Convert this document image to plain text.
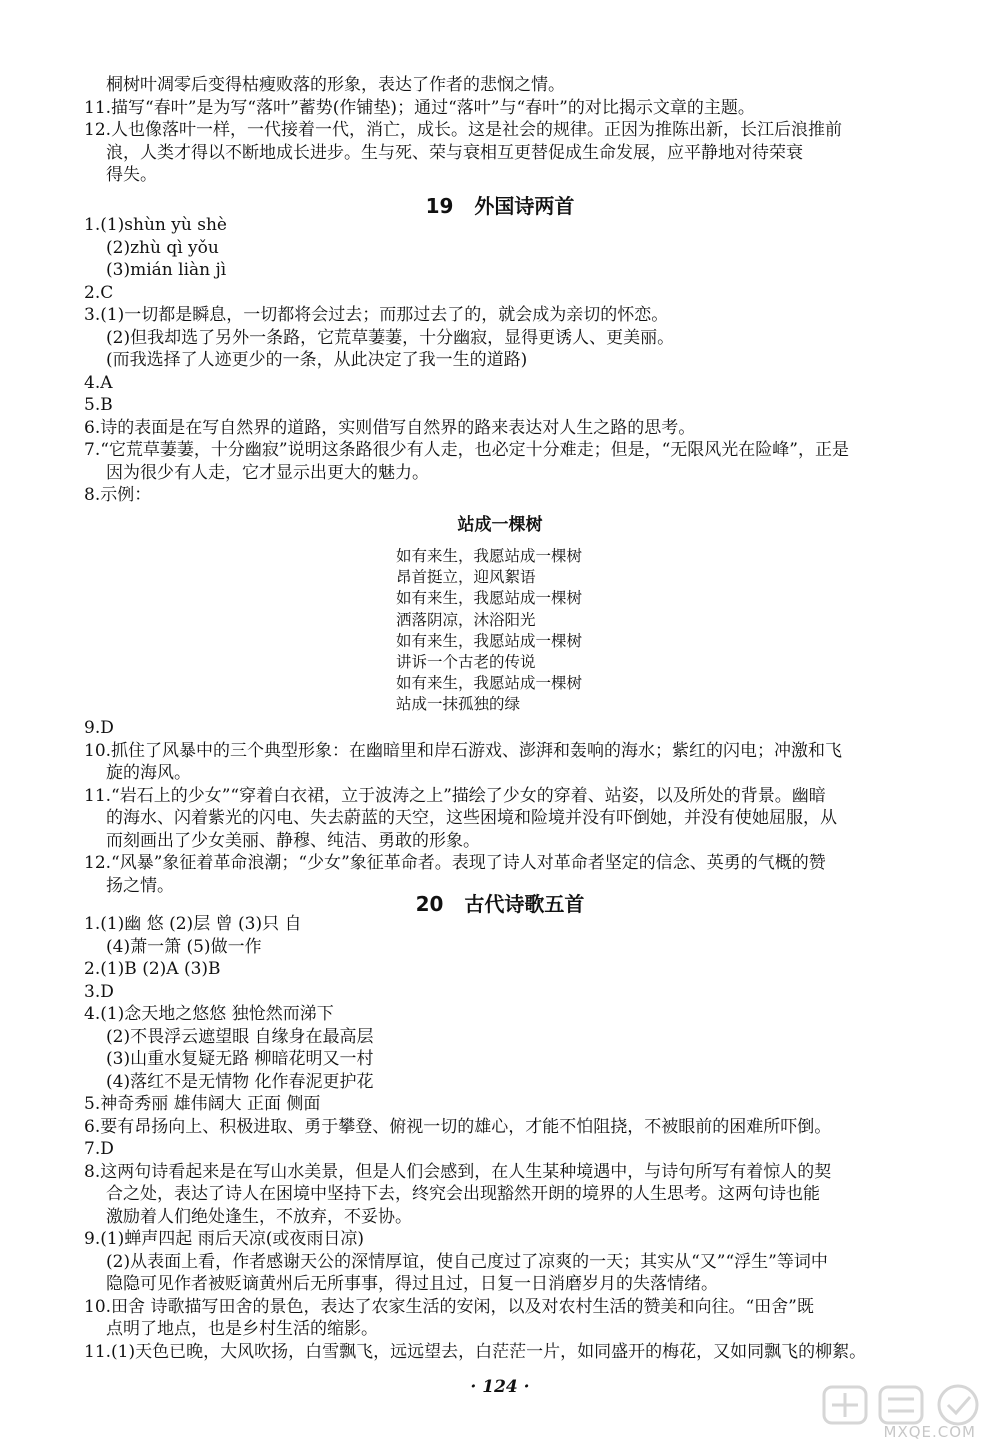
桐树叶凋零后变得枯瘦败落的形象，表达了作者的悲悯之情。
11.描写“春叶”是为写“落叶”蓄势(作铺垫)；通过“落叶”与“春叶”的对比揭示文章的主题。
12.人也像落叶一样，一代接着一代，消亡，成长。这是社会的规律。正因为推陈出新，长江后浪推前
浪，人类才得以不断地成长进步。生与死、荣与衰相互更替促成生命发展，应平静地对待荣衰
得失。
19   外国诗两首
1.(1)shùn yù shè
(2)zhù qì yǒu
(3)mián liàn jì
2.C
3.(1)一切都是瞬息，一切都将会过去；而那过去了的，就会成为亲切的怀恋。
(2)但我却选了另外一条路，它荒草萋萋，十分幽寂，显得更诱人、更美丽。
(而我选择了人迹更少的一条，从此决定了我一生的道路)
4.A
5.B
6.诗的表面是在写自然界的道路，实则借写自然界的路来表达对人生之路的思考。
7.“它荒草萋萋，十分幽寂”说明这条路很少有人走，也必定十分难走；但是，“无限风光在险峰”，正是
因为很少有人走，它才显示出更大的魅力。
8.示例：
站成一棵树
如有来生，我愿站成一棵树
昂首挺立，迎风絮语
如有来生，我愿站成一棵树
洒落阴凉，沐浴阳光
如有来生，我愿站成一棵树
讲诉一个古老的传说
如有来生，我愿站成一棵树
站成一抹孤独的绿
9.D
10.抓住了风暴中的三个典型形象：在幽暗里和岸石游戏、澎湃和轰响的海水；紫红的闪电；冲激和飞
旋的海风。
11.“岩石上的少女”“穿着白衣裙，立于波涛之上”描绘了少女的穿着、站姿，以及所处的背景。幽暗
的海水、闪着紫光的闪电、失去蔚蓝的天空，这些困境和险境并没有吓倒她，并没有使她屈服，从
而刻画出了少女美丽、静穆、纯洁、勇敢的形象。
12.“风暴”象征着革命浪潮；“少女”象征革命者。表现了诗人对革命者坚定的信念、英勇的气概的赞
扬之情。
20   古代诗歌五首
1.(1)幽 悠 (2)层 曾 (3)只 自
(4)萧一箫 (5)做一作
2.(1)B (2)A (3)B
3.D
4.(1)念天地之悠悠 独怆然而涕下
(2)不畏浮云遮望眼 自缘身在最高层
(3)山重水复疑无路 柳暗花明又一村
(4)落红不是无情物 化作春泥更护花
5.神奇秀丽 雄伟阔大 正面 侧面
6.要有昂扬向上、积极进取、勇于攀登、俯视一切的雄心，才能不怕阻挠，不被眼前的困难所吓倒。
7.D
8.这两句诗看起来是在写山水美景，但是人们会感到，在人生某种境遇中，与诗句所写有着惊人的契
合之处，表达了诗人在困境中坚持下去，终究会出现豁然开朗的境界的人生思考。这两句诗也能
激励着人们绝处逢生，不放弃，不妥协。
9.(1)蝉声四起 雨后天凉(或夜雨日凉)
(2)从表面上看，作者感谢天公的深情厚谊，使自己度过了凉爽的一天；其实从“又”“浮生”等词中
隐隐可见作者被贬谪黄州后无所事事，得过且过，日复一日消磨岁月的失落情绪。
10.田舍 诗歌描写田舍的景色，表达了农家生活的安闲，以及对农村生活的赞美和向往。“田舍”既
点明了地点，也是乡村生活的缩影。
11.(1)天色已晚，大风吹扬，白雪飘飞，远远望去，白茫茫一片，如同盛开的梅花，又如同飘飞的柳絮。
· 124 ·
MXQE.COM
